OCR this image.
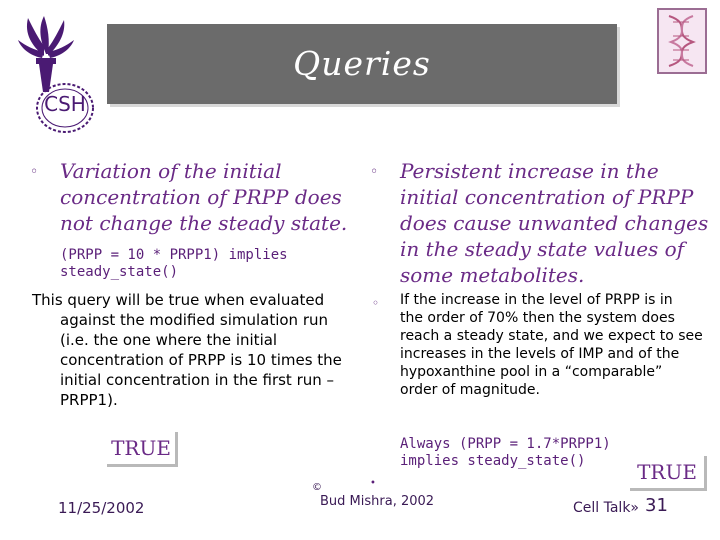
CSH
Queries
◦ Variation of the initial concentration of PRPP does not change the steady state.
(PRPP = 10 * PRPP1) implies
steady_state()
This query will be true when evaluated
against the modified simulation run
(i.e. the one where the initial
concentration of PRPP is 10 times the
initial concentration in the first run –
PRPP1).
TRUE
◦ Persistent increase in the initial concentration of PRPP does cause unwanted changes in the steady state values of some metabolites.
◦ If the increase in the level of PRPP is in
the order of 70% then the system does
reach a steady state, and we expect to see
increases in the levels of IMP and of the
hypoxanthine pool in a “comparable”
order of magnitude.
Always (PRPP = 1.7*PRPP1)
implies steady_state()	TRUE
11/25/2002
©	•
Bud Mishra, 2002	Cell Talk» 31
